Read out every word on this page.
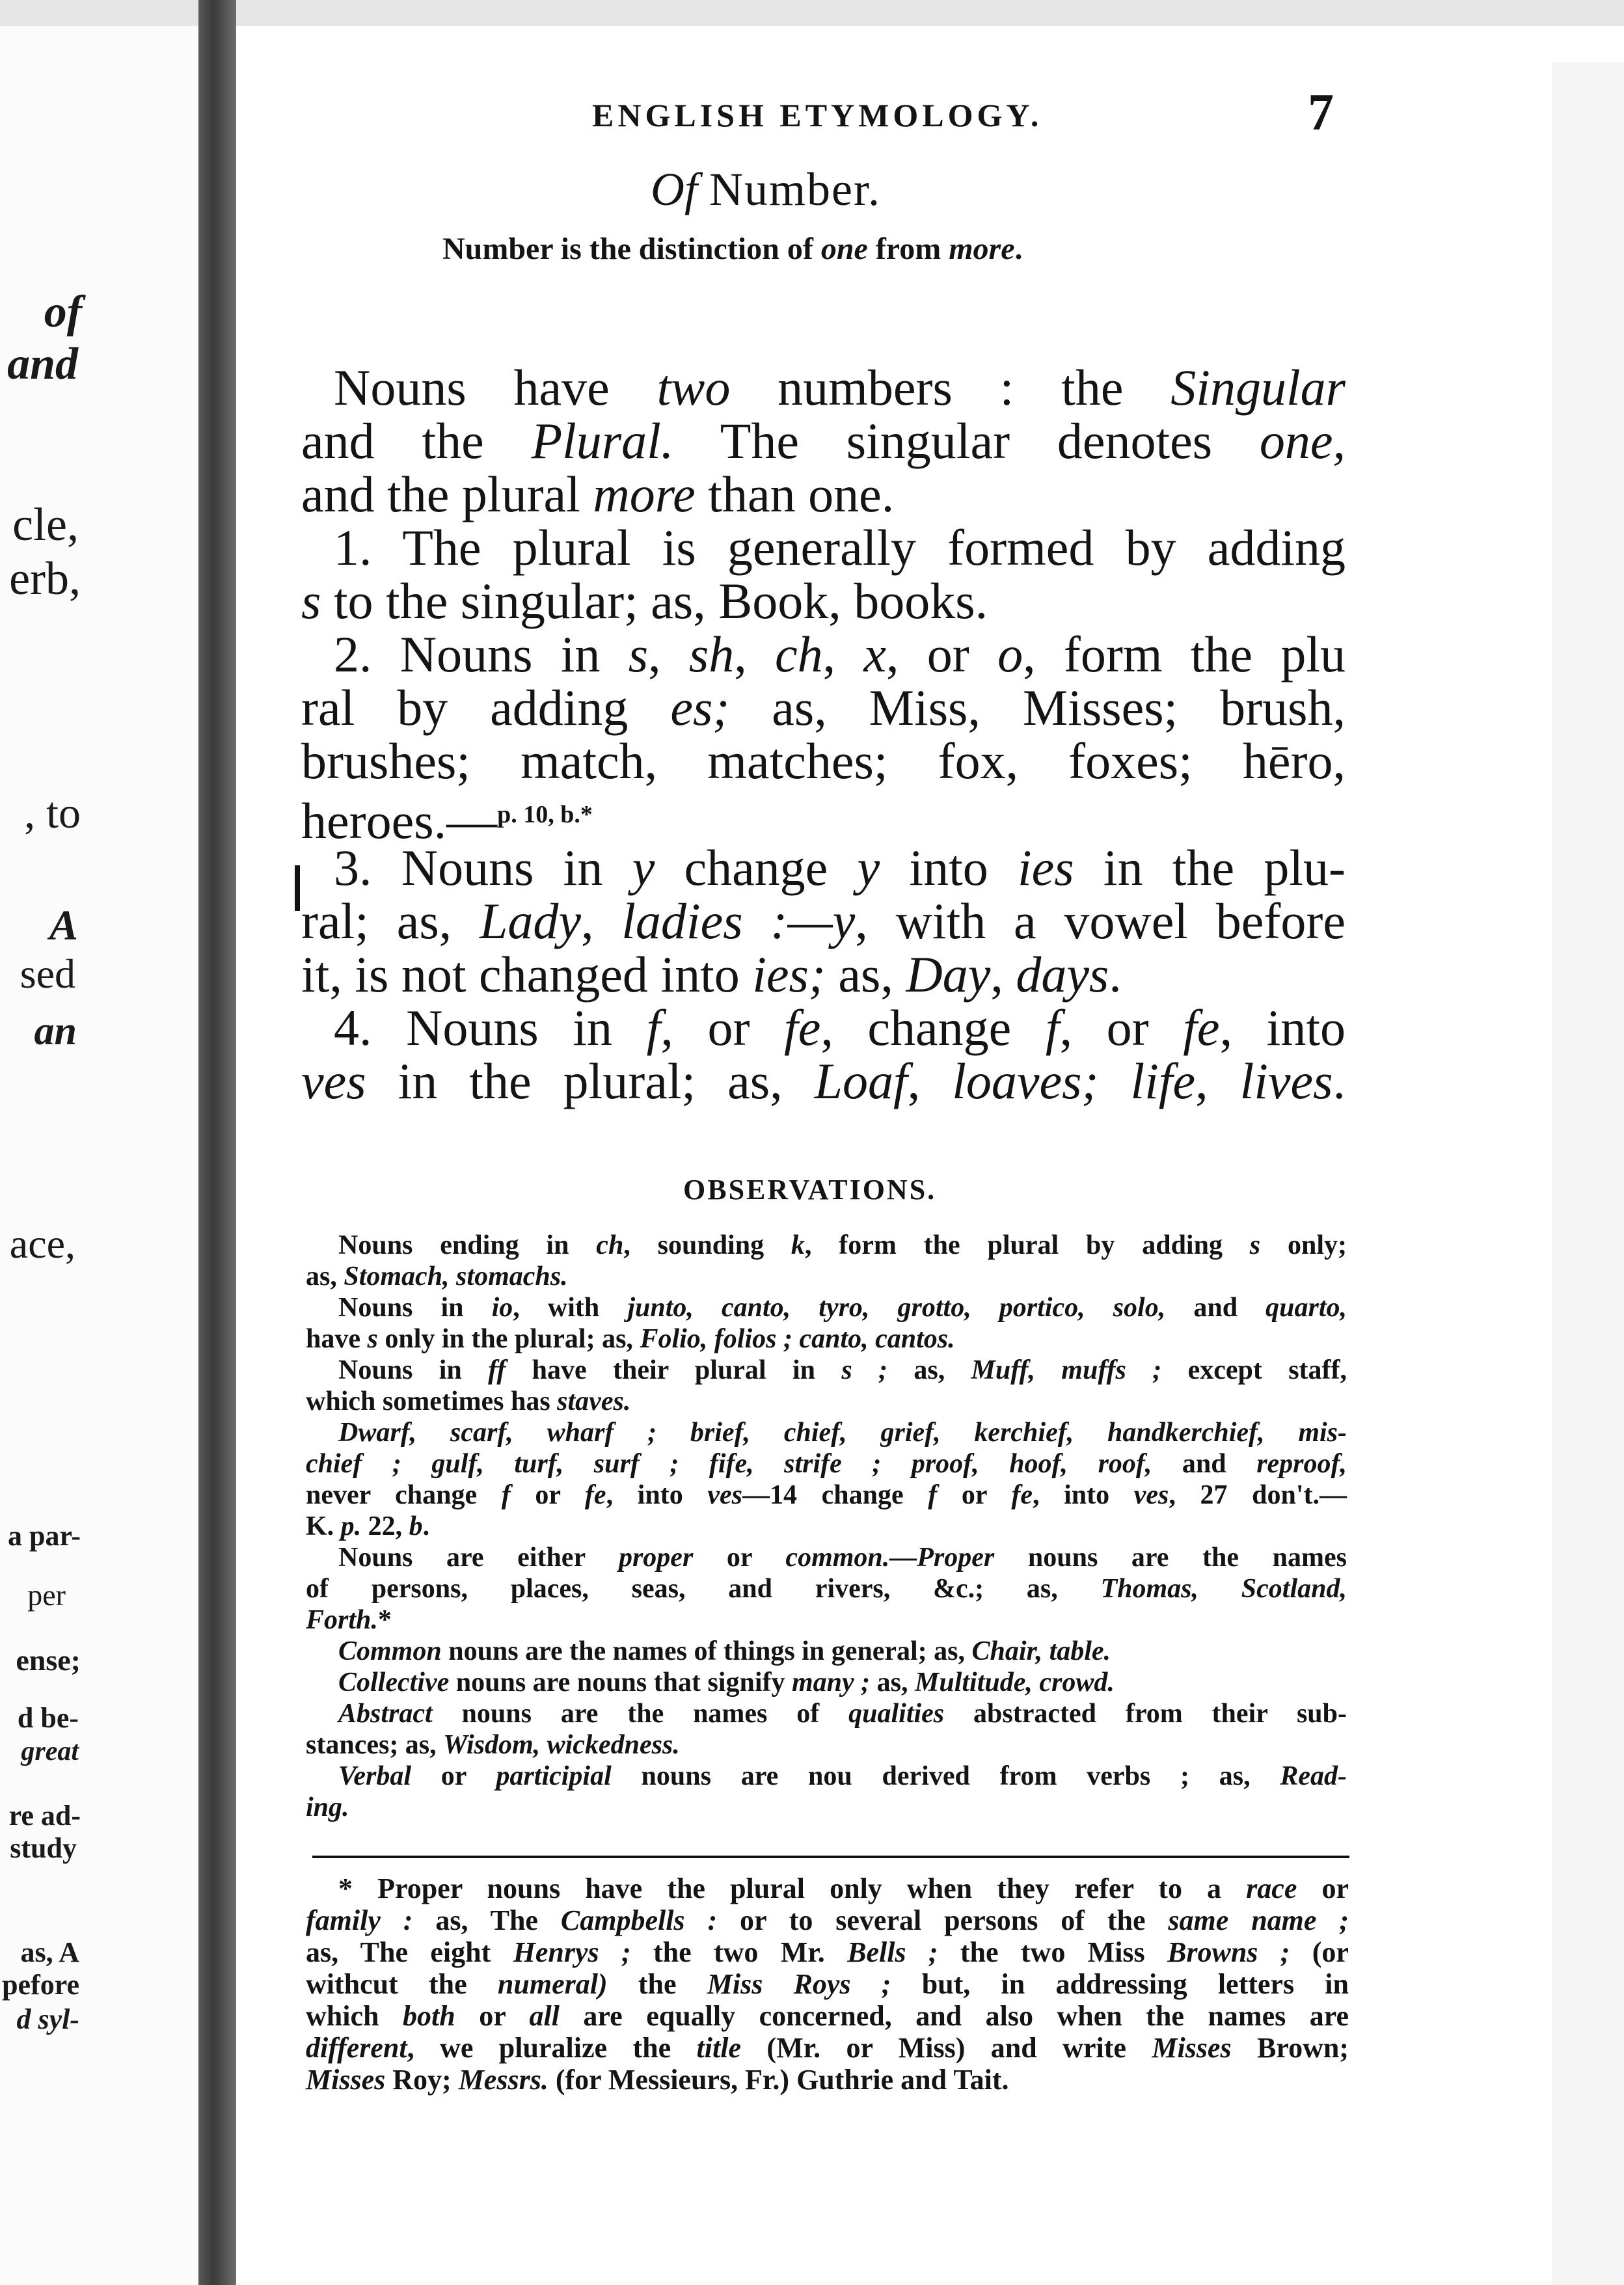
of
and
cle,
erb,
, to
A
sed
an
ace,
a par-
per
ense;
d be-
great
re ad-
study
as, A
pefore
d syl-
ENGLISH ETYMOLOGY.	7
Of Number.
Number is the distinction of one from more.
Nouns have two numbers : the Singular
and the Plural. The singular denotes one,
and the plural more than one.
1. The plural is generally formed by adding
s to the singular; as, Book, books.
2. Nouns in s, sh, ch, x, or o, form the plu
ral by adding es; as, Miss, Misses; brush,
brushes; match, matches; fox, foxes; hēro,
heroes.—$^{p. 10, b.*}$
3. Nouns in y change y into ies in the plu-
ral; as, Lady, ladies :—y, with a vowel before
it, is not changed into ies; as, Day, days.
4. Nouns in f, or fe, change f, or fe, into
ves in the plural; as, Loaf, loaves; life, lives.
OBSERVATIONS.
Nouns ending in ch, sounding k, form the plural by adding s only;
as, Stomach, stomachs.
Nouns in io, with junto, canto, tyro, grotto, portico, solo, and quarto,
have s only in the plural; as, Folio, folios ; canto, cantos.
Nouns in ff have their plural in s ; as, Muff, muffs ; except staff,
which sometimes has staves.
Dwarf, scarf, wharf ; brief, chief, grief, kerchief, handkerchief, mis-
chief ; gulf, turf, surf ; fife, strife ; proof, hoof, roof, and reproof,
never change f or fe, into ves—14 change f or fe, into ves, 27 don't.—
K. p. 22, b.
Nouns are either proper or common.—Proper nouns are the names
of persons, places, seas, and rivers, &c.; as, Thomas, Scotland,
Forth.*
Common nouns are the names of things in general; as, Chair, table.
Collective nouns are nouns that signify many ; as, Multitude, crowd.
Abstract nouns are the names of qualities abstracted from their sub-
stances; as, Wisdom, wickedness.
Verbal or participial nouns are nou derived from verbs ; as, Read-
ing.
* Proper nouns have the plural only when they refer to a race or
family : as, The Campbells : or to several persons of the same name ;
as, The eight Henrys ; the two Mr. Bells ; the two Miss Browns ; (or
withcut the numeral) the Miss Roys ; but, in addressing letters in
which both or all are equally concerned, and also when the names are
different, we pluralize the title (Mr. or Miss) and write Misses Brown;
Misses Roy; Messrs. (for Messieurs, Fr.) Guthrie and Tait.
